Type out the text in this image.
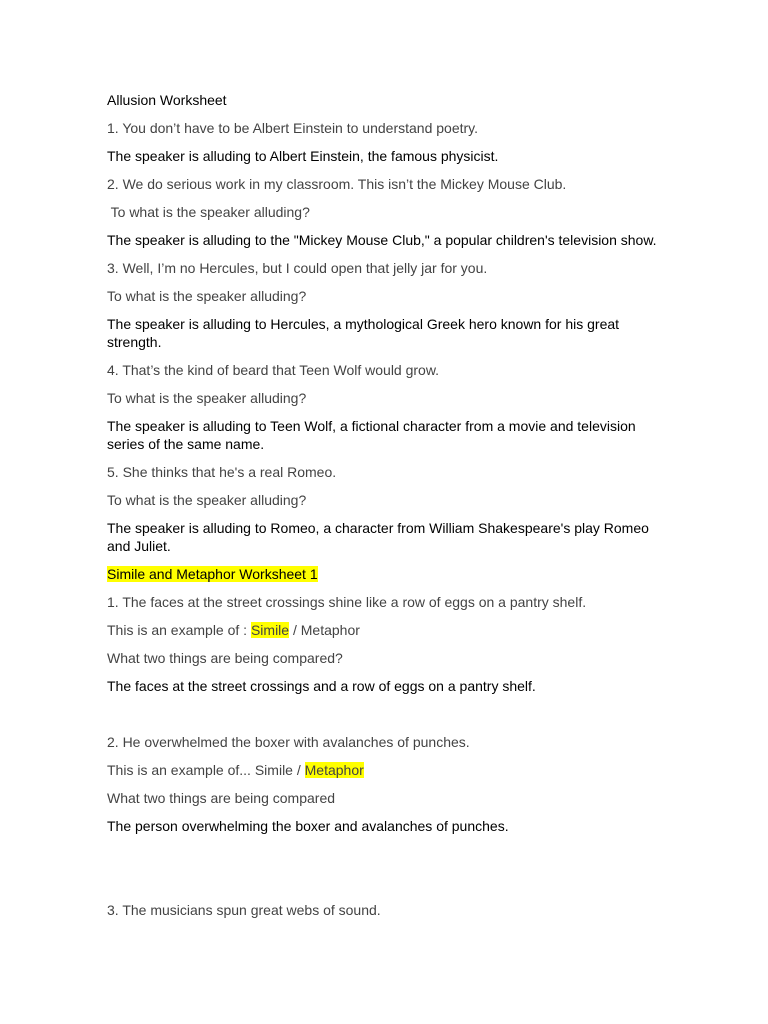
Allusion Worksheet

1. You don’t have to be Albert Einstein to understand poetry.

The speaker is alluding to Albert Einstein, the famous physicist.

2. We do serious work in my classroom. This isn’t the Mickey Mouse Club.

To what is the speaker alluding?

The speaker is alluding to the "Mickey Mouse Club," a popular children's television show.

3. Well, I’m no Hercules, but I could open that jelly jar for you.

To what is the speaker alluding?

The speaker is alluding to Hercules, a mythological Greek hero known for his great strength.

4. That’s the kind of beard that Teen Wolf would grow.

To what is the speaker alluding?

The speaker is alluding to Teen Wolf, a fictional character from a movie and television series of the same name.

5. She thinks that he's a real Romeo.

To what is the speaker alluding?

The speaker is alluding to Romeo, a character from William Shakespeare's play Romeo and Juliet.

Simile and Metaphor Worksheet 1

1. The faces at the street crossings shine like a row of eggs on a pantry shelf.

This is an example of : Simile / Metaphor

What two things are being compared?

The faces at the street crossings and a row of eggs on a pantry shelf.

2. He overwhelmed the boxer with avalanches of punches.

This is an example of... Simile / Metaphor

What two things are being compared

The person overwhelming the boxer and avalanches of punches.

3. The musicians spun great webs of sound.
